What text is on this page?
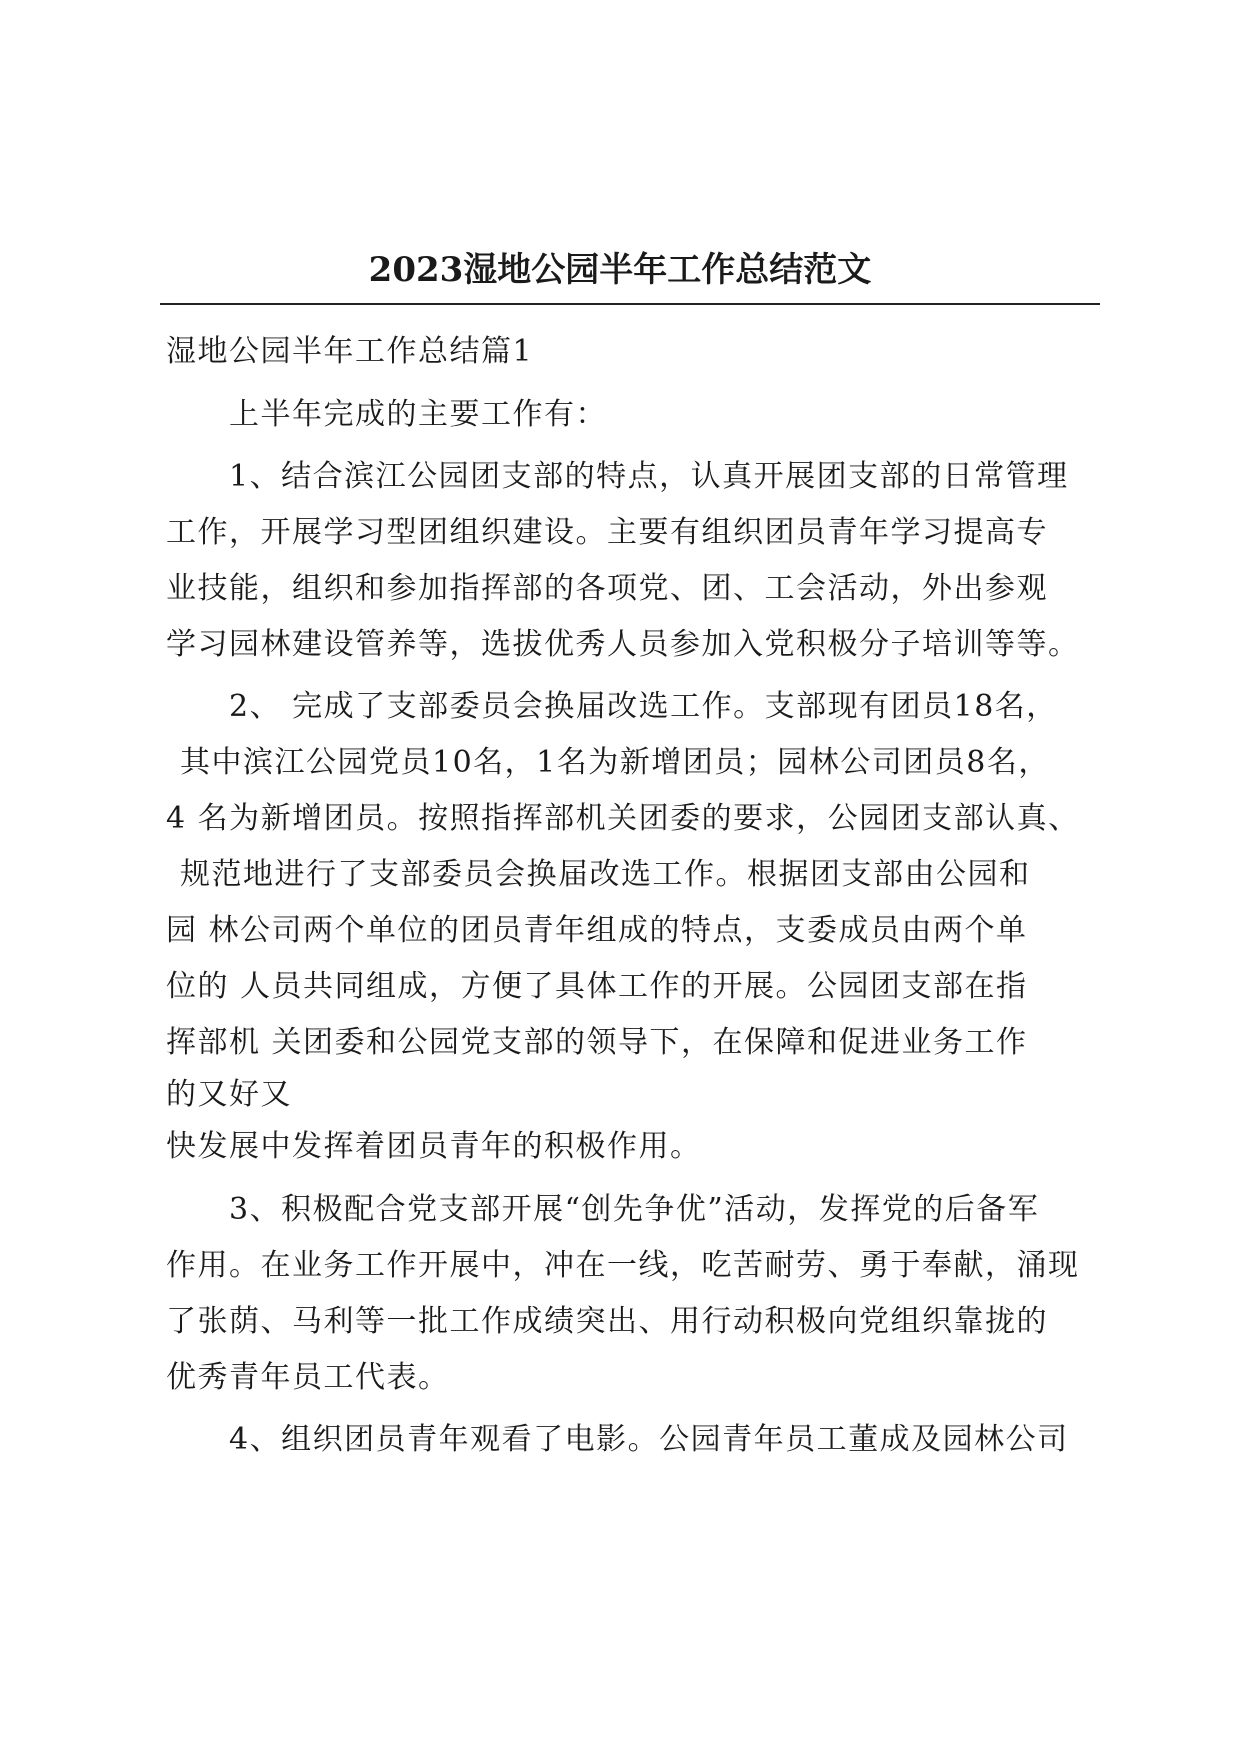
2023湿地公园半年工作总结范文
湿地公园半年工作总结篇1
上半年完成的主要工作有：
1、结合滨江公园团支部的特点，认真开展团支部的日常管理
工作，开展学习型团组织建设。主要有组织团员青年学习提高专
业技能，组织和参加指挥部的各项党、团、工会活动，外出参观
学习园林建设管养等，选拔优秀人员参加入党积极分子培训等等。
2、 完成了支部委员会换届改选工作。支部现有团员18名，
其中滨江公园党员10名，1名为新增团员；园林公司团员8名，
4 名为新增团员。按照指挥部机关团委的要求，公园团支部认真、
规范地进行了支部委员会换届改选工作。根据团支部由公园和
园 林公司两个单位的团员青年组成的特点，支委成员由两个单
位的 人员共同组成，方便了具体工作的开展。公园团支部在指
挥部机 关团委和公园党支部的领导下，在保障和促进业务工作
的又好又
快发展中发挥着团员青年的积极作用。
3、积极配合党支部开展“创先争优”活动，发挥党的后备军
作用。在业务工作开展中，冲在一线，吃苦耐劳、勇于奉献，涌现
了张荫、马利等一批工作成绩突出、用行动积极向党组织靠拢的
优秀青年员工代表。
4、组织团员青年观看了电影。公园青年员工董成及园林公司
